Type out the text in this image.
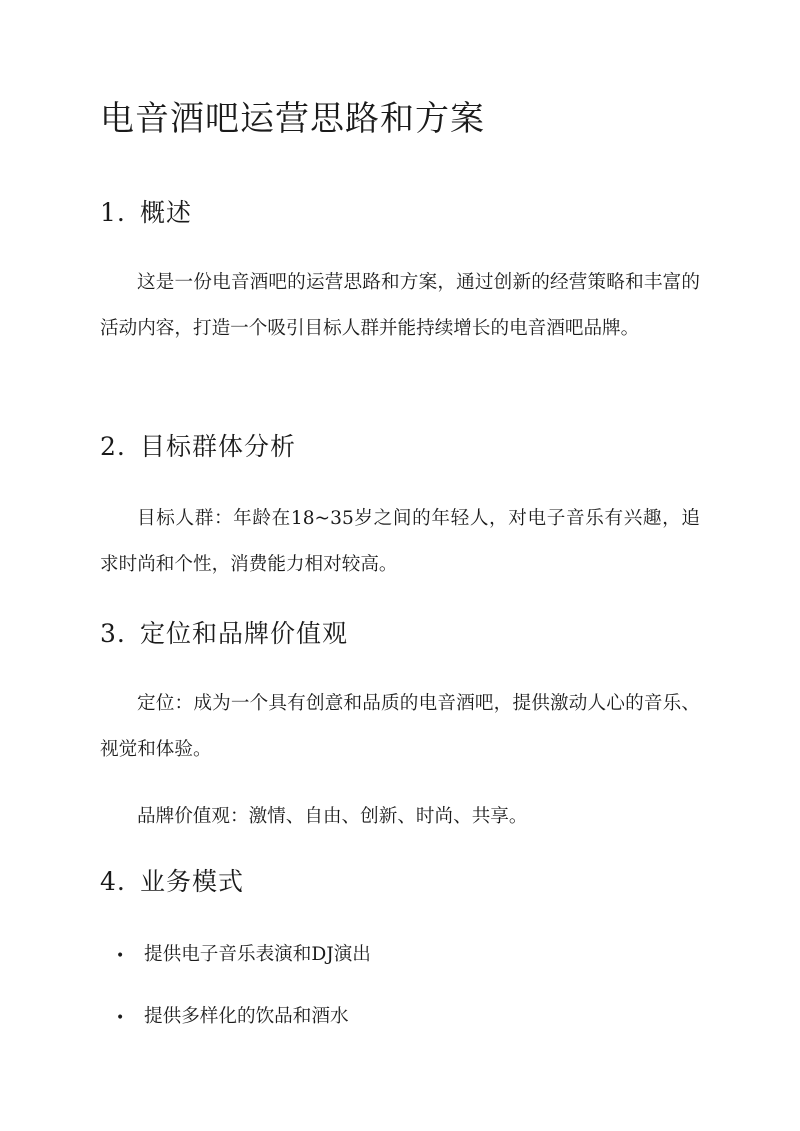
电音酒吧运营思路和方案
1. 概述

这是一份电音酒吧的运营思路和方案，通过创新的经营策略和丰富的活动内容，打造一个吸引目标人群并能持续增长的电音酒吧品牌。

2. 目标群体分析

目标人群：年龄在18~35岁之间的年轻人，对电子音乐有兴趣，追求时尚和个性，消费能力相对较高。

3. 定位和品牌价值观

定位：成为一个具有创意和品质的电音酒吧，提供激动人心的音乐、视觉和体验。

品牌价值观：激情、自由、创新、时尚、共享。

4. 业务模式
• 提供电子音乐表演和DJ演出
• 提供多样化的饮品和酒水
